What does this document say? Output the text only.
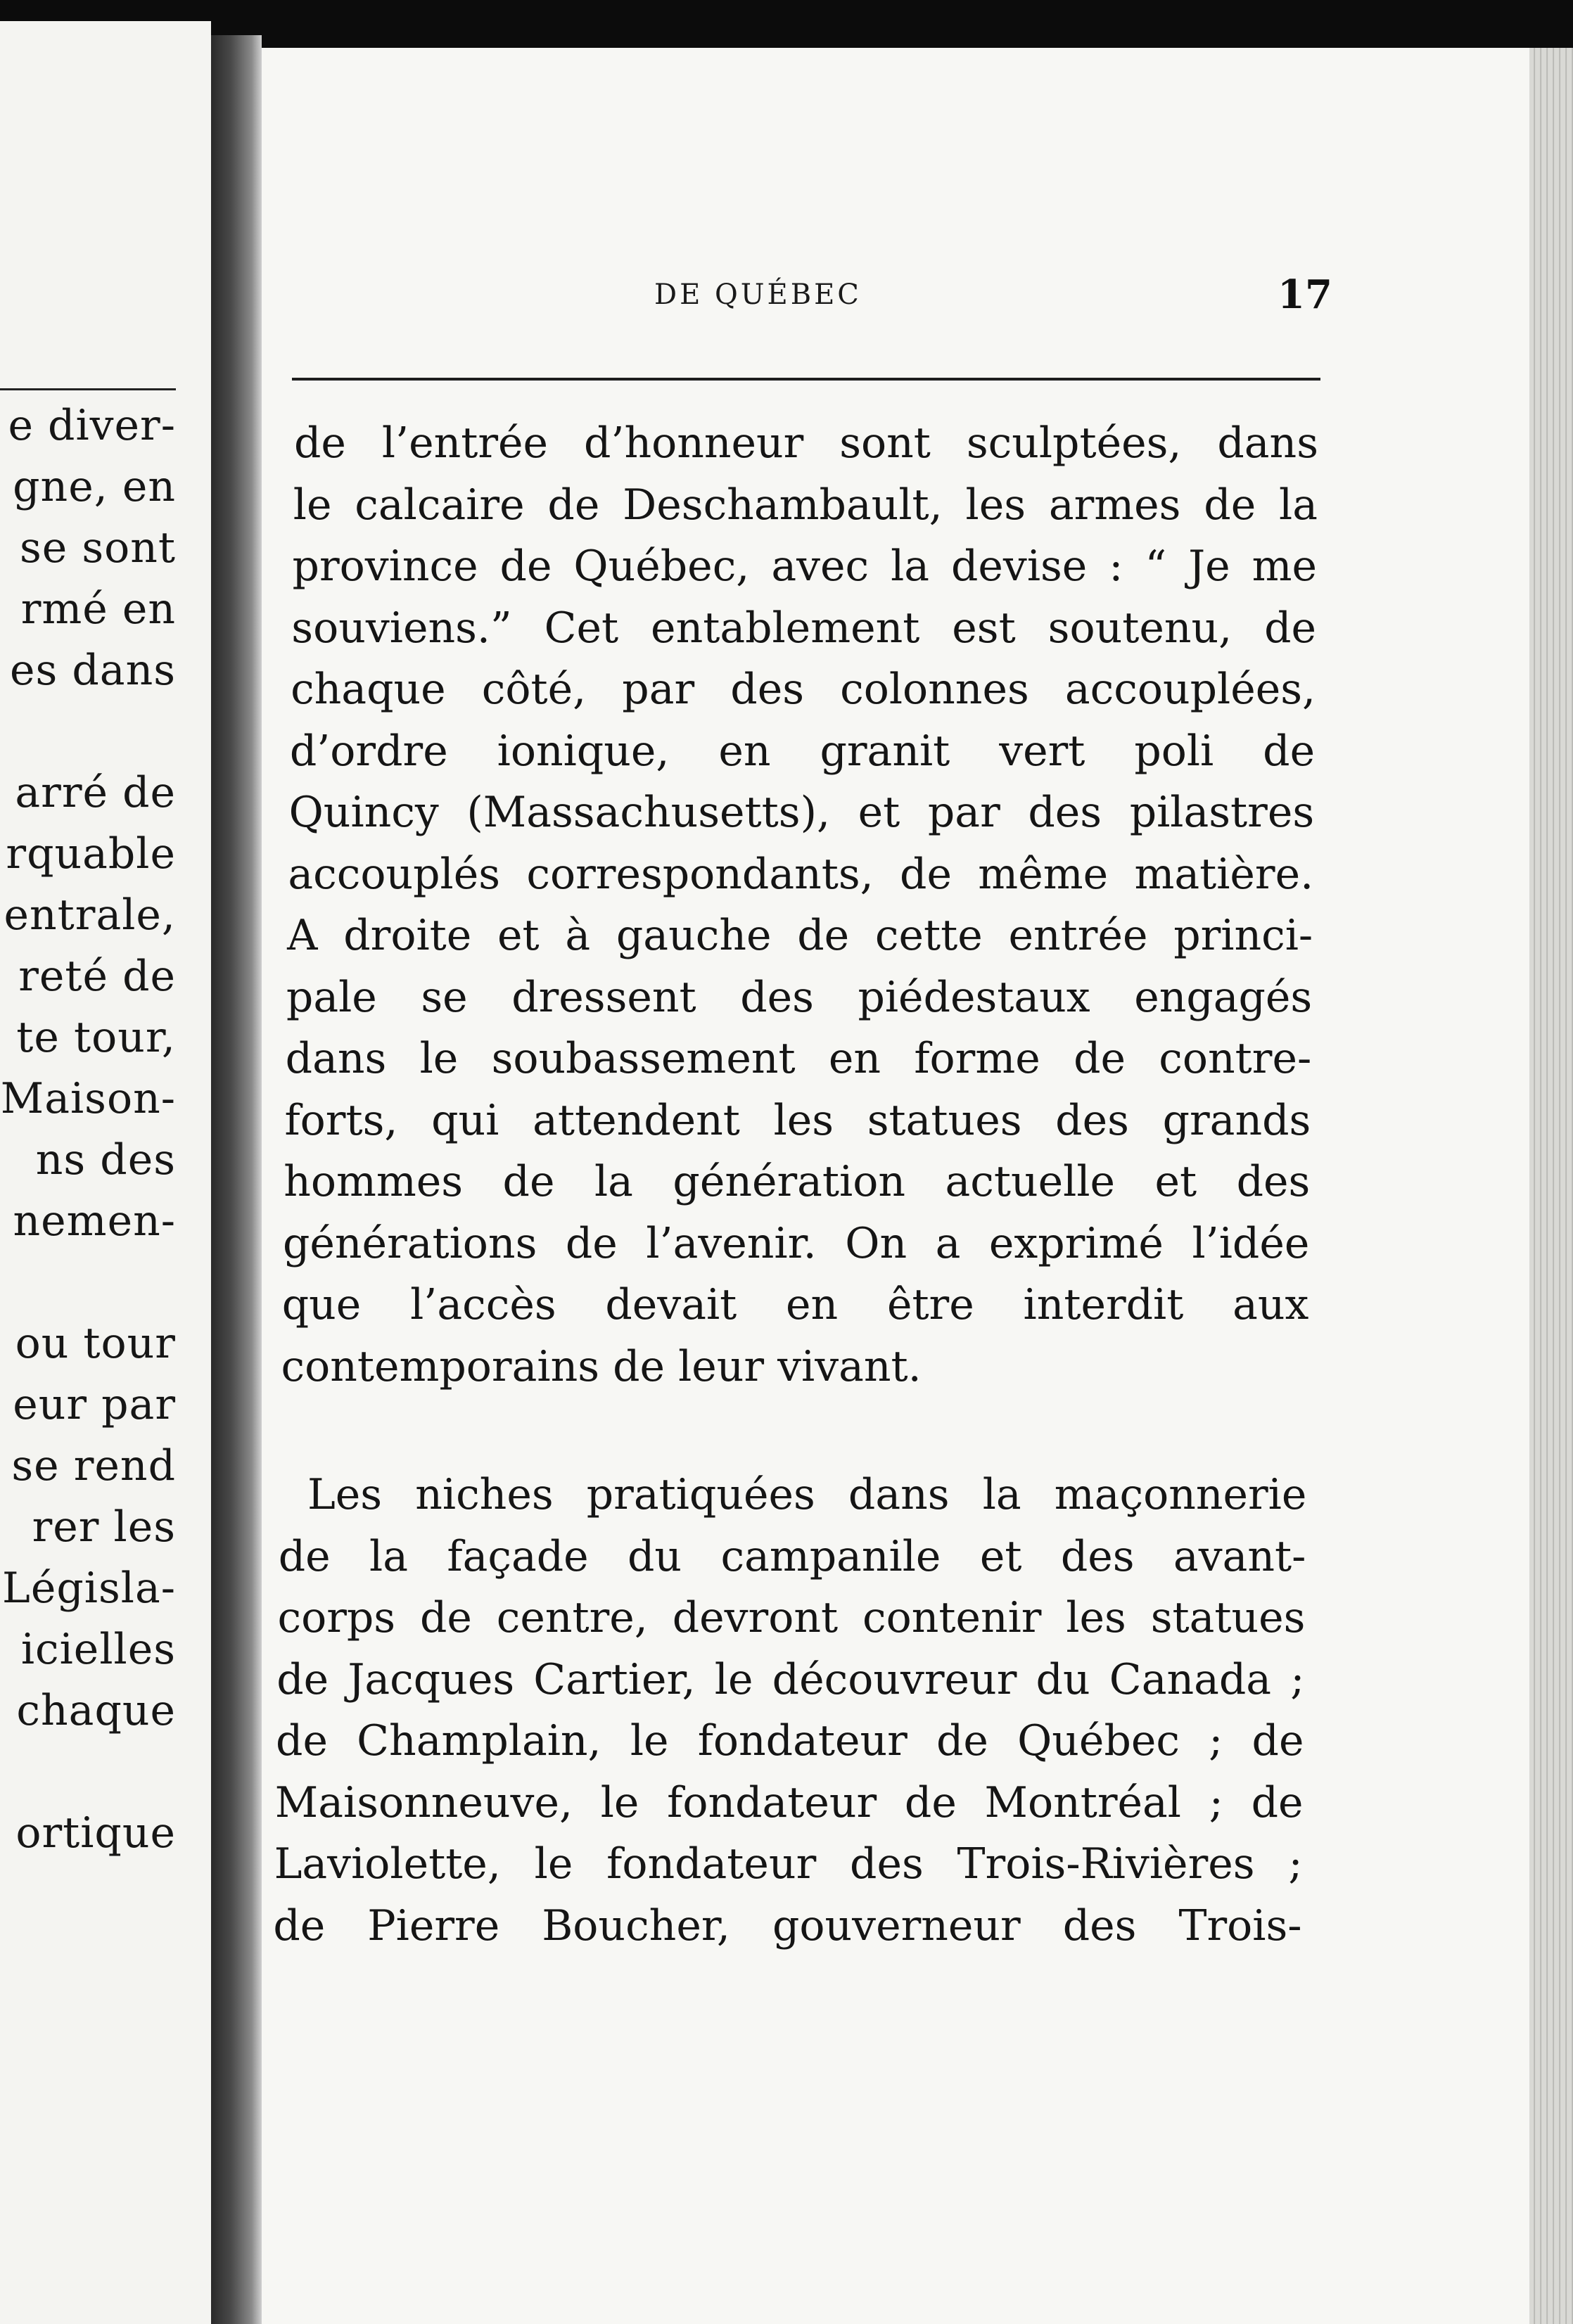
e diver-
gne, en
se sont
rmé en
es dans
arré de
rquable
entrale,
reté de
te tour,
Maison-
ns des
nemen-
ou tour
eur par
se rend
rer les
Législa-
icielles
chaque
ortique
DE QUÉBEC	17
de l’entrée d’honneur sont sculptées, dans
le calcaire de Deschambault, les armes de la
province de Québec, avec la devise : “ Je me
souviens.” Cet entablement est soutenu, de
chaque côté, par des colonnes accouplées,
d’ordre ionique, en granit vert poli de
Quincy (Massachusetts), et par des pilastres
accouplés correspondants, de même matière.
A droite et à gauche de cette entrée princi-
pale se dressent des piédestaux engagés
dans le soubassement en forme de contre-
forts, qui attendent les statues des grands
hommes de la génération actuelle et des
générations de l’avenir. On a exprimé l’idée
que l’accès devait en être interdit aux
contemporains de leur vivant.
Les niches pratiquées dans la maçonnerie
de la façade du campanile et des avant-
corps de centre, devront contenir les statues
de Jacques Cartier, le découvreur du Canada ;
de Champlain, le fondateur de Québec ; de
Maisonneuve, le fondateur de Montréal ; de
Laviolette, le fondateur des Trois-Rivières ;
de Pierre Boucher, gouverneur des Trois-
